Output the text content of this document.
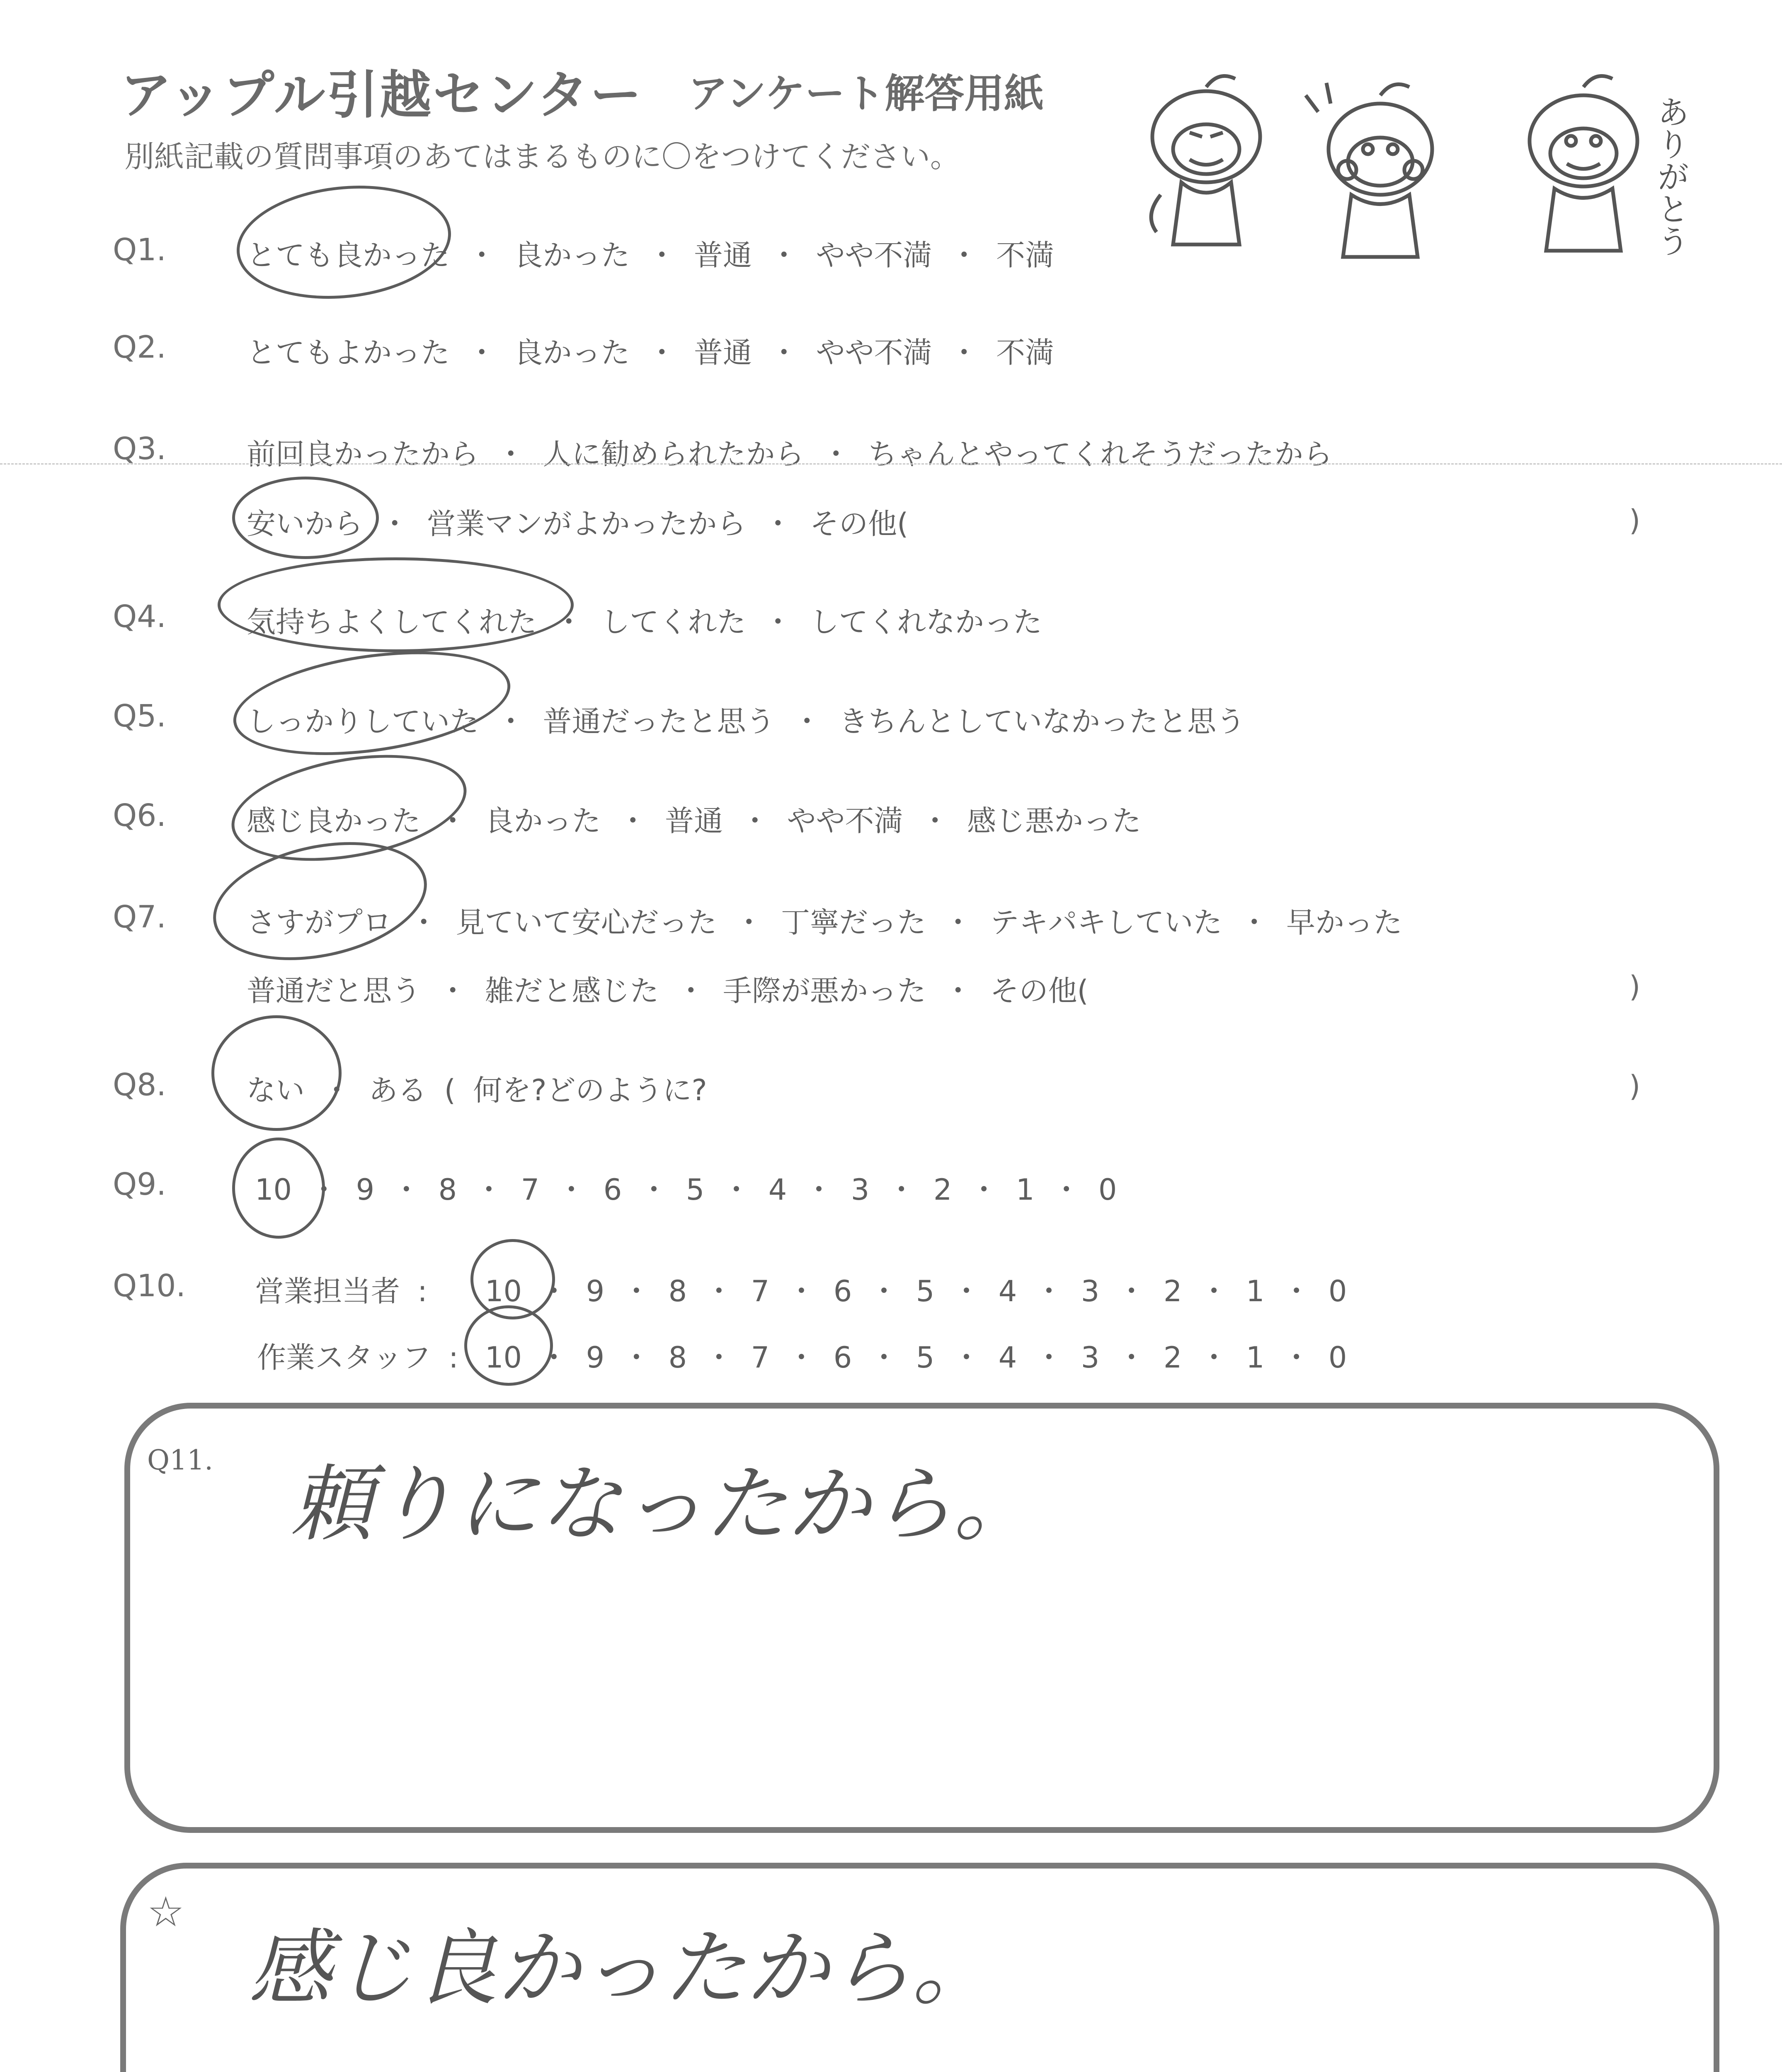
アップル引越センター アンケート解答用紙
別紙記載の質問事項のあてはまるものに〇をつけてください。	ありがとう
Q1.	とても良かった ・ 良かった ・ 普通 ・ やや不満 ・ 不満
Q2.	とてもよかった ・ 良かった ・ 普通 ・ やや不満 ・ 不満
Q3.	前回良かったから ・ 人に勧められたから ・ ちゃんとやってくれそうだったから
安いから ・ 営業マンがよかったから ・ その他(	)
Q4.	気持ちよくしてくれた ・ してくれた ・ してくれなかった
Q5.	しっかりしていた ・ 普通だったと思う ・ きちんとしていなかったと思う
Q6.	感じ良かった ・ 良かった ・ 普通 ・ やや不満 ・ 感じ悪かった
Q7.	さすがプロ ・ 見ていて安心だった ・ 丁寧だった ・ テキパキしていた ・ 早かった
普通だと思う ・ 雑だと感じた ・ 手際が悪かった ・ その他(	)
Q8.	ない ・ ある ( 何を?どのように?	)
Q9.	10 ・ 9 ・ 8 ・ 7 ・ 6 ・ 5 ・ 4 ・ 3 ・ 2 ・ 1 ・ 0
Q10. 営業担当者 : 10 ・ 9 ・ 8 ・ 7 ・ 6 ・ 5 ・ 4 ・ 3 ・ 2 ・ 1 ・ 0
作業スタッフ : 10 ・ 9 ・ 8 ・ 7 ・ 6 ・ 5 ・ 4 ・ 3 ・ 2 ・ 1 ・ 0
Q11. 頼りになったから。
☆
感じ良かったから。
